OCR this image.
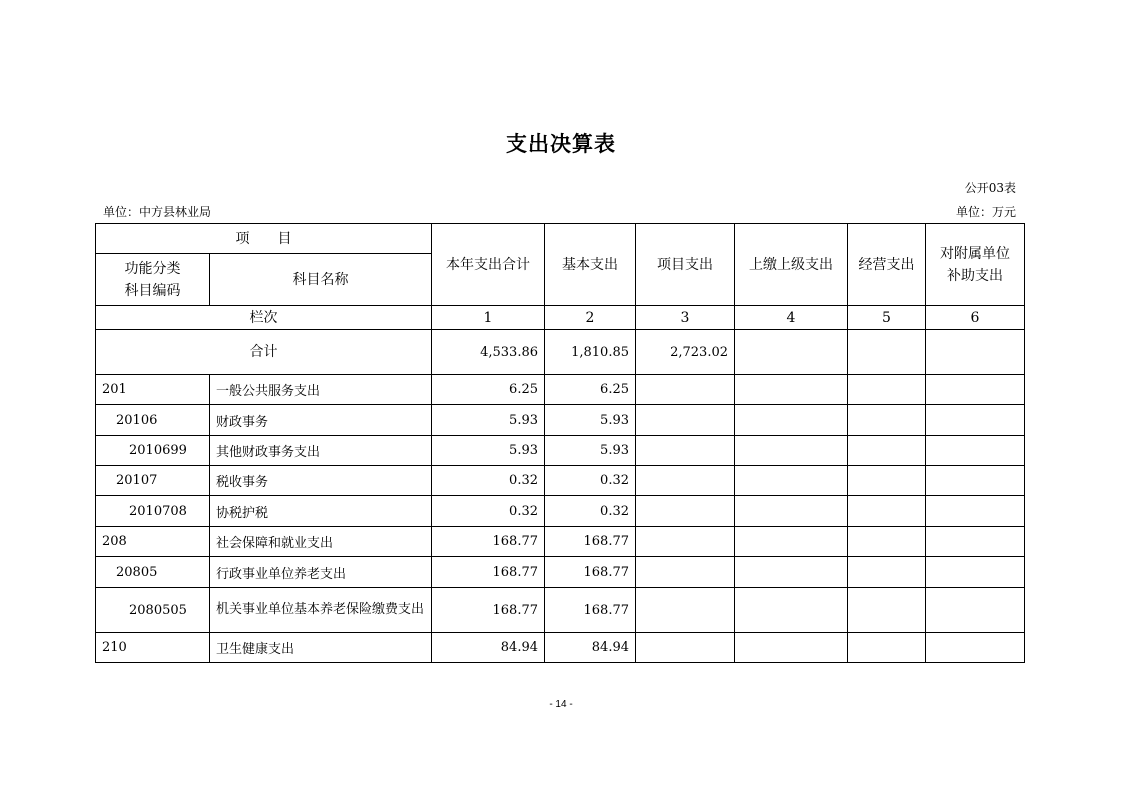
支出决算表
公开03表
单位：中方县林业局	单位：万元
项　　目		本年支出合计	基本支出	项目支出	上缴上级支出	经营支出	对附属单位
补助支出
功能分类
科目编码	科目名称						
栏次		1	2	3	4	5	6
合计		4,533.86	1,810.85	2,723.02			
201	一般公共服务支出	6.25	6.25				
20106	财政事务	5.93	5.93				
2010699	其他财政事务支出	5.93	5.93				
20107	税收事务	0.32	0.32				
2010708	协税护税	0.32	0.32				
208	社会保障和就业支出	168.77	168.77				
20805	行政事业单位养老支出	168.77	168.77				
2080505	机关事业单位基本养老保险缴费支出	168.77	168.77				
210	卫生健康支出	84.94	84.94				
- 14 -
